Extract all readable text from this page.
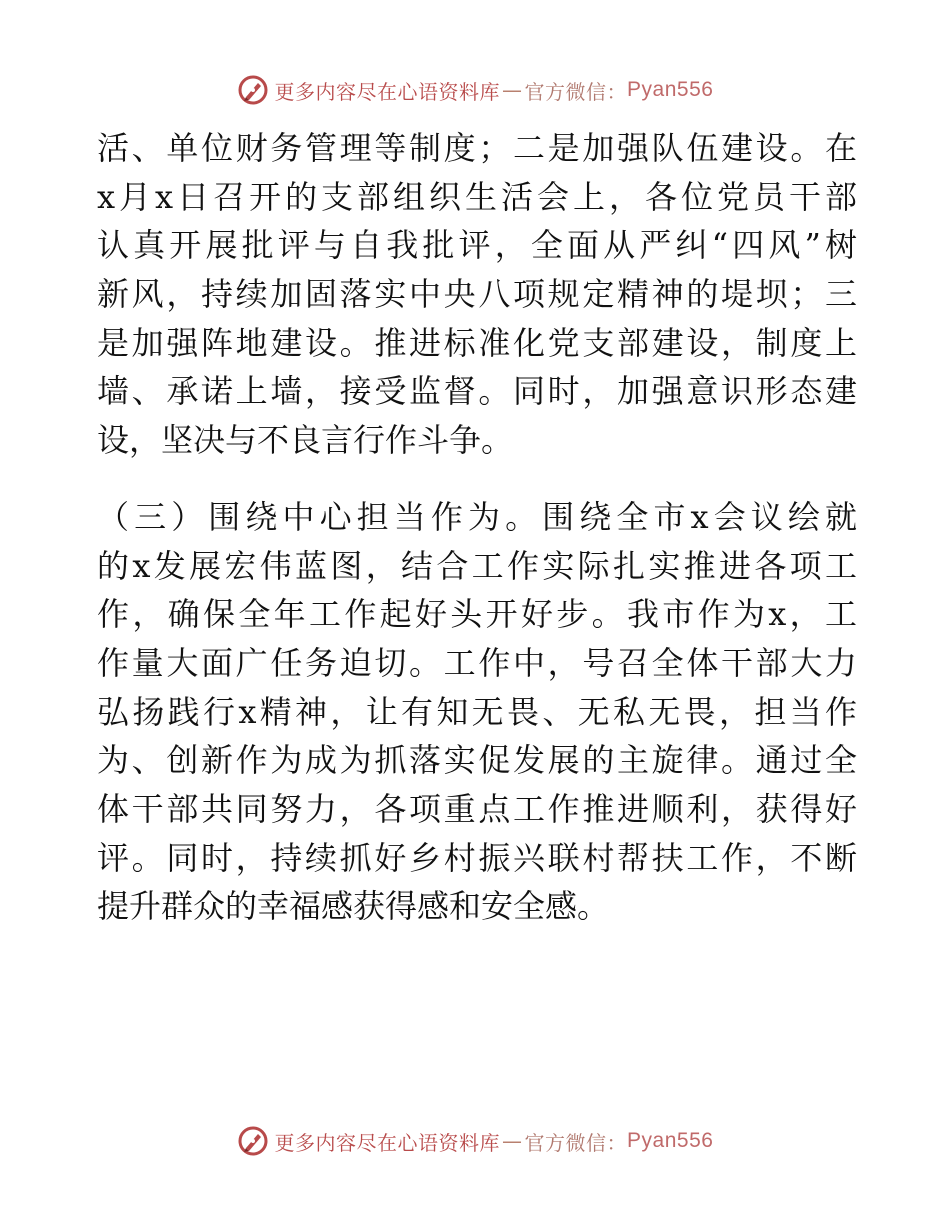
更多内容尽在心语资料库 — 官方微信： Pyan556
活、单位财务管理等制度；二是加强队伍建设。在
x月x日召开的支部组织生活会上，各位党员干部
认真开展批评与自我批评，全面从严纠“四风”树
新风，持续加固落实中央八项规定精神的堤坝；三
是加强阵地建设。推进标准化党支部建设，制度上
墙、承诺上墙，接受监督。同时，加强意识形态建
设，坚决与不良言行作斗争。
（三）围绕中心担当作为。围绕全市x会议绘就
的x发展宏伟蓝图，结合工作实际扎实推进各项工
作，确保全年工作起好头开好步。我市作为x，工
作量大面广任务迫切。工作中，号召全体干部大力
弘扬践行x精神，让有知无畏、无私无畏，担当作
为、创新作为成为抓落实促发展的主旋律。通过全
体干部共同努力，各项重点工作推进顺利，获得好
评。同时，持续抓好乡村振兴联村帮扶工作，不断
提升群众的幸福感获得感和安全感。
更多内容尽在心语资料库 — 官方微信： Pyan556
